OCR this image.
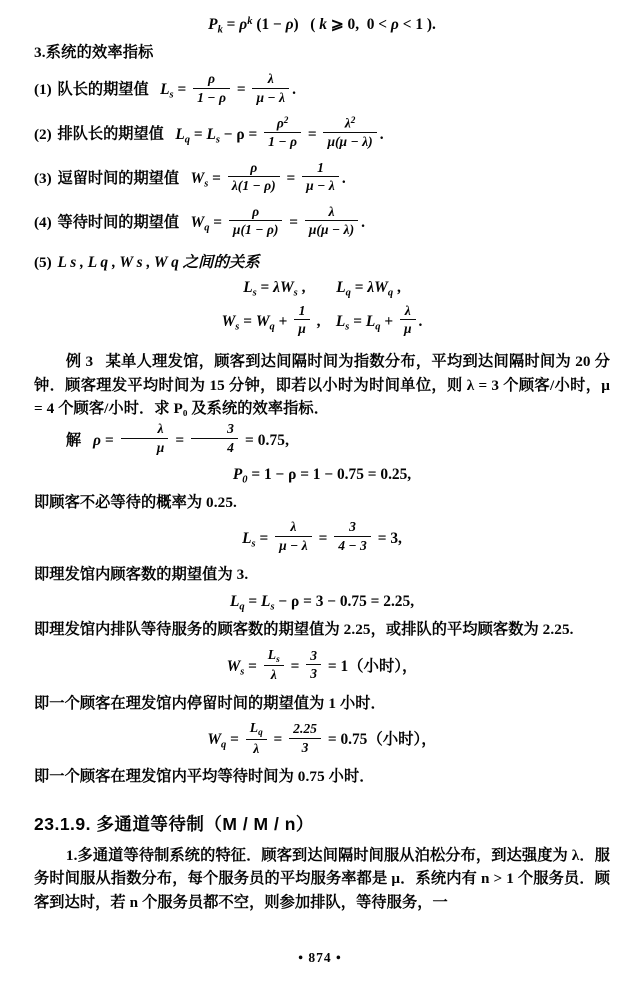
$P_k = \rho^k$ (1 − ρ)   ( k ⩾ 0,  0 < ρ < 1 ).
3.系统的效率指标
(1) 队长的期望值   $L_s = \frac{\rho}{1 - \rho} = \frac{\lambda}{\mu - \lambda}$ .
(2) 排队长的期望值   $L_q = L_s - \rho = \frac{\rho^2}{1 - \rho} = \frac{\lambda^2}{\mu(\mu - \lambda)}$ .
(3) 逗留时间的期望值   $W_s = \frac{\rho}{\lambda(1 - \rho)} = \frac{1}{\mu - \lambda}$ .
(4) 等待时间的期望值   $W_q = \frac{\rho}{\mu(1 - \rho)} = \frac{\lambda}{\mu(\mu - \lambda)}$ .
(5) L s , L q , W s , W q 之间的关系
$L_s = \lambda W_s$ ,        $L_q = \lambda W_q$ ,
$W_s = W_q + \frac{1}{\mu}$ ,    $L_s = L_q + \frac{\lambda}{\mu}$ .

例 3 某单人理发馆，顾客到达间隔时间为指数分布，平均到达间隔时间为 20 分钟．顾客理发平均时间为 15 分钟，即若以小时为时间单位，则 λ = 3 个顾客/小时，μ = 4 个顾客/小时．求 P₀ 及系统的效率指标．

解   $\rho = \frac{\lambda}{\mu} = \frac{3}{4} = 0.75$,

$P_0 = 1 - \rho = 1 - 0.75 = 0.25$,

即顾客不必等待的概率为 0.25.

$L_s = \frac{\lambda}{\mu - \lambda} = \frac{3}{4 - 3} = 3$,

即理发馆内顾客数的期望值为 3.

$L_q = L_s - \rho = 3 - 0.75 = 2.25$,

即理发馆内排队等待服务的顾客数的期望值为 2.25，或排队的平均顾客数为 2.25.

$W_s = \frac{L_s}{\lambda} = \frac{3}{3} = 1$（小时），

即一个顾客在理发馆内停留时间的期望值为 1 小时．

$W_q = \frac{L_q}{\lambda} = \frac{2.25}{3} = 0.75$（小时），

即一个顾客在理发馆内平均等待时间为 0.75 小时．

23.1.9. 多通道等待制（M / M / n）

1.多通道等待制系统的特征．顾客到达间隔时间服从泊松分布，到达强度为 λ．服务时间服从指数分布，每个服务员的平均服务率都是 μ．系统内有 n > 1 个服务员．顾客到达时，若 n 个服务员都不空，则参加排队，等待服务，一

• 874 •
